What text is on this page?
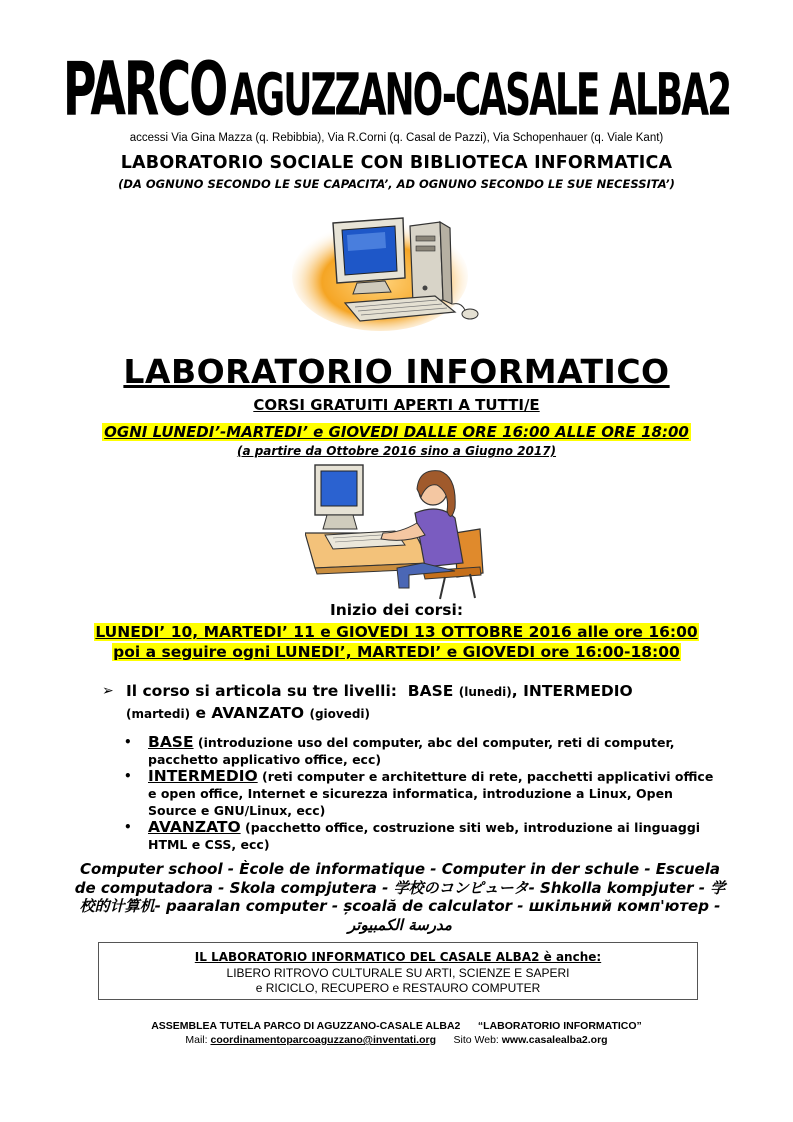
PARCO AGUZZANO-CASALE ALBA2
accessi Via Gina Mazza (q. Rebibbia), Via R.Corni (q. Casal de Pazzi), Via Schopenhauer (q. Viale Kant)
LABORATORIO SOCIALE CON BIBLIOTECA INFORMATICA
(DA OGNUNO SECONDO LE SUE CAPACITA’, AD OGNUNO SECONDO LE SUE NECESSITA’)
LABORATORIO INFORMATICO
CORSI GRATUITI APERTI A TUTTI/E
OGNI LUNEDI’-MARTEDI’ e GIOVEDI DALLE ORE 16:00 ALLE ORE 18:00
(a partire da Ottobre 2016 sino a Giugno 2017)
Inizio dei corsi:
LUNEDI’ 10, MARTEDI’ 11 e GIOVEDI 13 OTTOBRE 2016 alle ore 16:00
poi a seguire ogni LUNEDI’, MARTEDI’ e GIOVEDI ore 16:00-18:00
➢ Il corso si articola su tre livelli: BASE (lunedi), INTERMEDIO
(martedi) e AVANZATO (giovedi)
• BASE (introduzione uso del computer, abc del computer, reti di computer, pacchetto applicativo office, ecc)
• INTERMEDIO (reti computer e architetture di rete, pacchetti applicativi office e open office, Internet e sicurezza informatica, introduzione a Linux, Open Source e GNU/Linux, ecc)
• AVANZATO (pacchetto office, costruzione siti web, introduzione ai linguaggi HTML e CSS, ecc)
Computer school - Ècole de informatique - Computer in der schule - Escuela de computadora - Skola compjutera - 学校のコンピュータ- Shkolla kompjuter - 学校的计算机- paaralan computer - școală de calculator - шкільний комп'ютер - مدرسة الكمبيوتر
IL LABORATORIO INFORMATICO DEL CASALE ALBA2 è anche:
LIBERO RITROVO CULTURALE SU ARTI, SCIENZE E SAPERI
e RICICLO, RECUPERO e RESTAURO COMPUTER
ASSEMBLEA TUTELA PARCO DI AGUZZANO-CASALE ALBA2 “LABORATORIO INFORMATICO”
Mail: coordinamentoparcoaguzzano@inventati.org Sito Web: www.casalealba2.org
